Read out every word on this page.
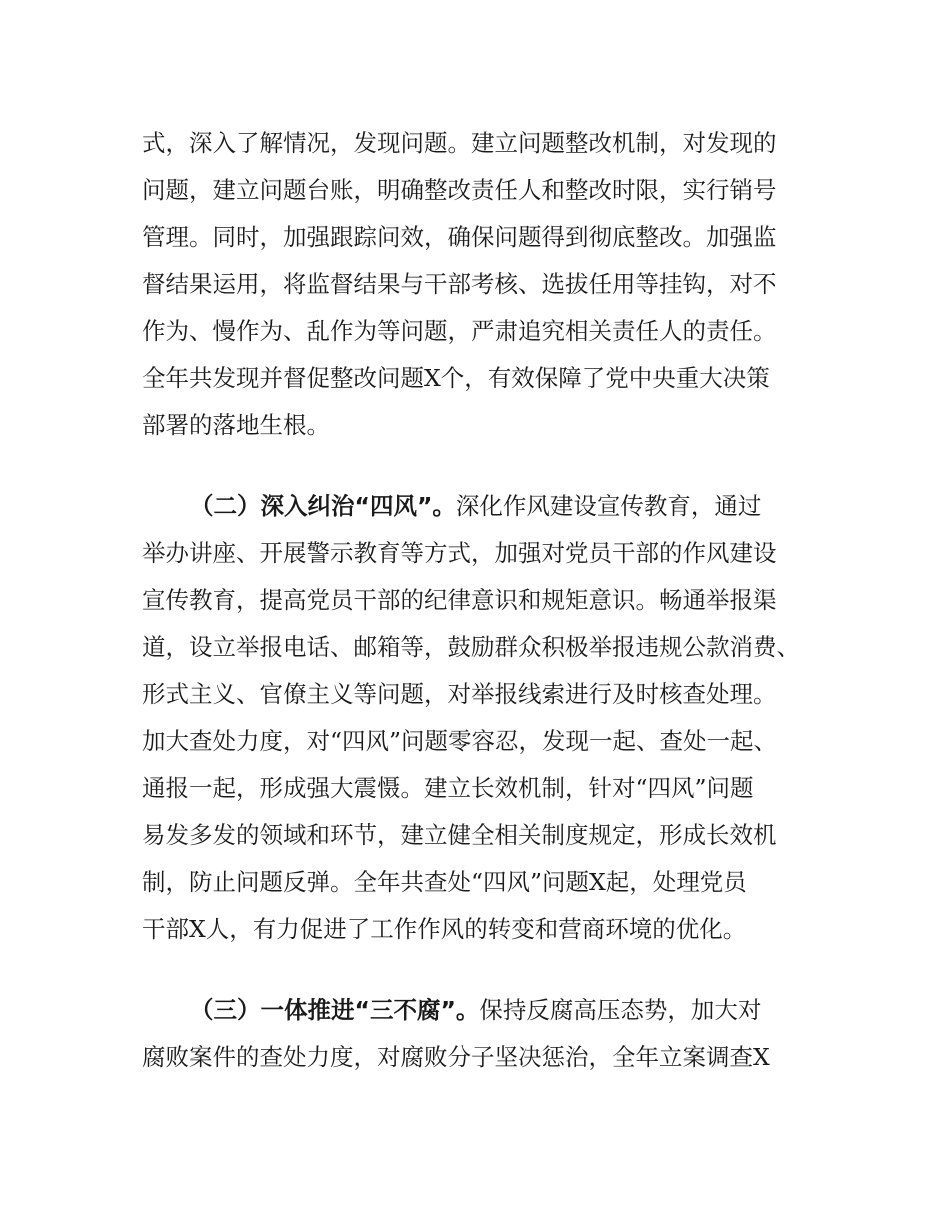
式，深入了解情况，发现问题。建立问题整改机制，对发现的
问题，建立问题台账，明确整改责任人和整改时限，实行销号
管理。同时，加强跟踪问效，确保问题得到彻底整改。加强监
督结果运用，将监督结果与干部考核、选拔任用等挂钩，对不
作为、慢作为、乱作为等问题，严肃追究相关责任人的责任。
全年共发现并督促整改问题X个，有效保障了党中央重大决策
部署的落地生根。
（二）深入纠治“四风”。深化作风建设宣传教育，通过
举办讲座、开展警示教育等方式，加强对党员干部的作风建设
宣传教育，提高党员干部的纪律意识和规矩意识。畅通举报渠
道，设立举报电话、邮箱等，鼓励群众积极举报违规公款消费、
形式主义、官僚主义等问题，对举报线索进行及时核查处理。
加大查处力度，对“四风”问题零容忍，发现一起、查处一起、
通报一起，形成强大震慑。建立长效机制，针对“四风”问题
易发多发的领域和环节，建立健全相关制度规定，形成长效机
制，防止问题反弹。全年共查处“四风”问题X起，处理党员
干部X人，有力促进了工作作风的转变和营商环境的优化。
（三）一体推进“三不腐”。保持反腐高压态势，加大对
腐败案件的查处力度，对腐败分子坚决惩治，全年立案调查X
